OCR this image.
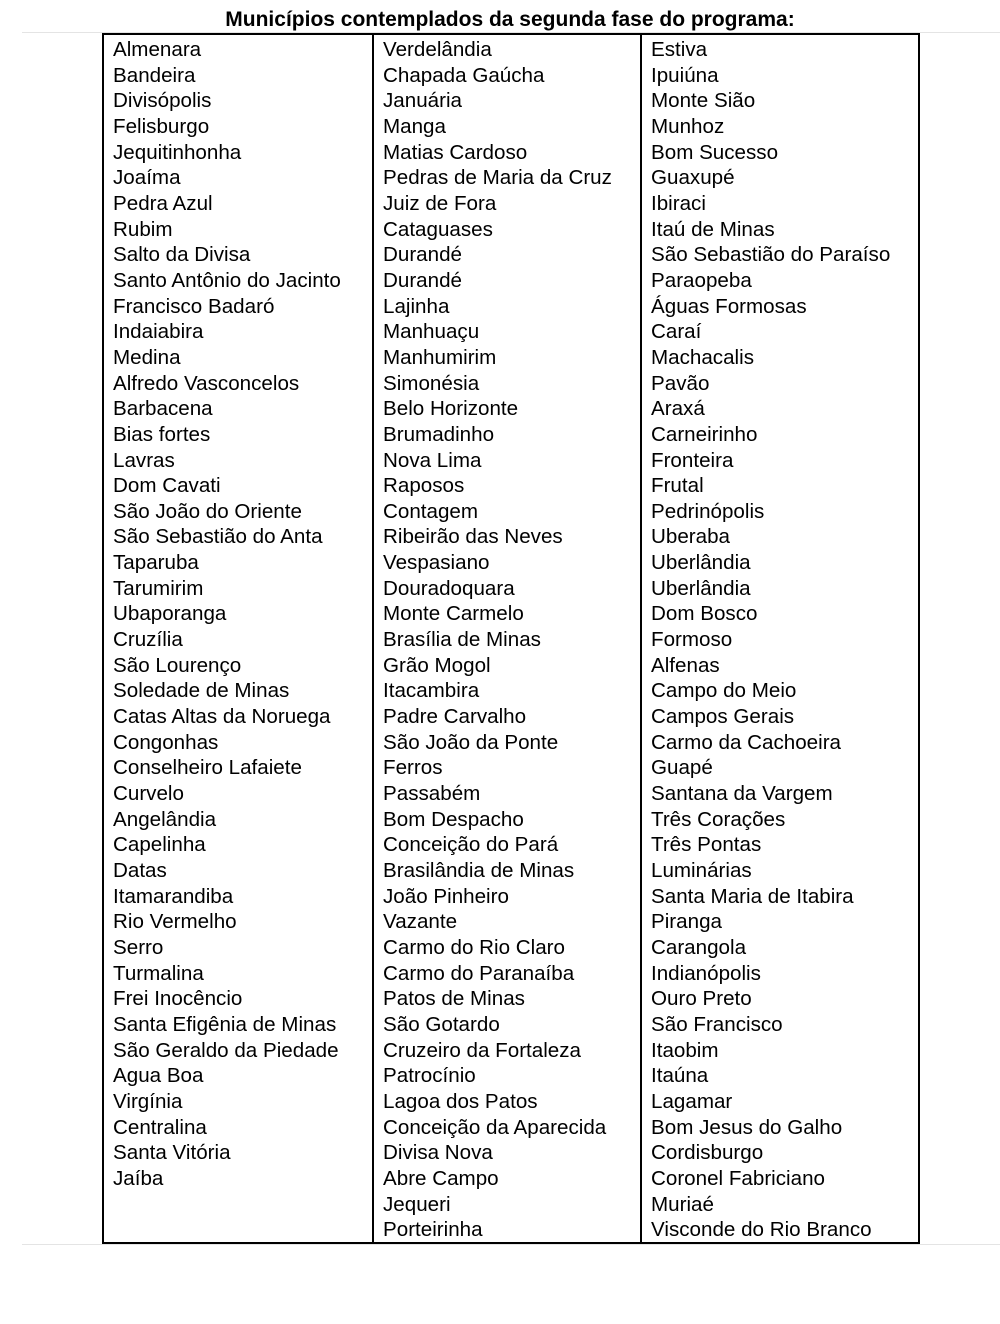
Municípios contemplados da segunda fase do programa:
Almenara
Bandeira
Divisópolis
Felisburgo
Jequitinhonha
Joaíma
Pedra Azul
Rubim
Salto da Divisa
Santo Antônio do Jacinto
Francisco Badaró
Indaiabira
Medina
Alfredo Vasconcelos
Barbacena
Bias fortes
Lavras
Dom Cavati
São João do Oriente
São Sebastião do Anta
Taparuba
Tarumirim
Ubaporanga
Cruzília
São Lourenço
Soledade de Minas
Catas Altas da Noruega
Congonhas
Conselheiro Lafaiete
Curvelo
Angelândia
Capelinha
Datas
Itamarandiba
Rio Vermelho
Serro
Turmalina
Frei Inocêncio
Santa Efigênia de Minas
São Geraldo da Piedade
Agua Boa
Virgínia
Centralina
Santa Vitória
Jaíba
Verdelândia
Chapada Gaúcha
Januária
Manga
Matias Cardoso
Pedras de Maria da Cruz
Juiz de Fora
Cataguases
Durandé
Durandé
Lajinha
Manhuaçu
Manhumirim
Simonésia
Belo Horizonte
Brumadinho
Nova Lima
Raposos
Contagem
Ribeirão das Neves
Vespasiano
Douradoquara
Monte Carmelo
Brasília de Minas
Grão Mogol
Itacambira
Padre Carvalho
São João da Ponte
Ferros
Passabém
Bom Despacho
Conceição do Pará
Brasilândia de Minas
João Pinheiro
Vazante
Carmo do Rio Claro
Carmo do Paranaíba
Patos de Minas
São Gotardo
Cruzeiro da Fortaleza
Patrocínio
Lagoa dos Patos
Conceição da Aparecida
Divisa Nova
Abre Campo
Jequeri
Porteirinha
Estiva
Ipuiúna
Monte Sião
Munhoz
Bom Sucesso
Guaxupé
Ibiraci
Itaú de Minas
São Sebastião do Paraíso
Paraopeba
Águas Formosas
Caraí
Machacalis
Pavão
Araxá
Carneirinho
Fronteira
Frutal
Pedrinópolis
Uberaba
Uberlândia
Uberlândia
Dom Bosco
Formoso
Alfenas
Campo do Meio
Campos Gerais
Carmo da Cachoeira
Guapé
Santana da Vargem
Três Corações
Três Pontas
Luminárias
Santa Maria de Itabira
Piranga
Carangola
Indianópolis
Ouro Preto
São Francisco
Itaobim
Itaúna
Lagamar
Bom Jesus do Galho
Cordisburgo
Coronel Fabriciano
Muriaé
Visconde do Rio Branco
